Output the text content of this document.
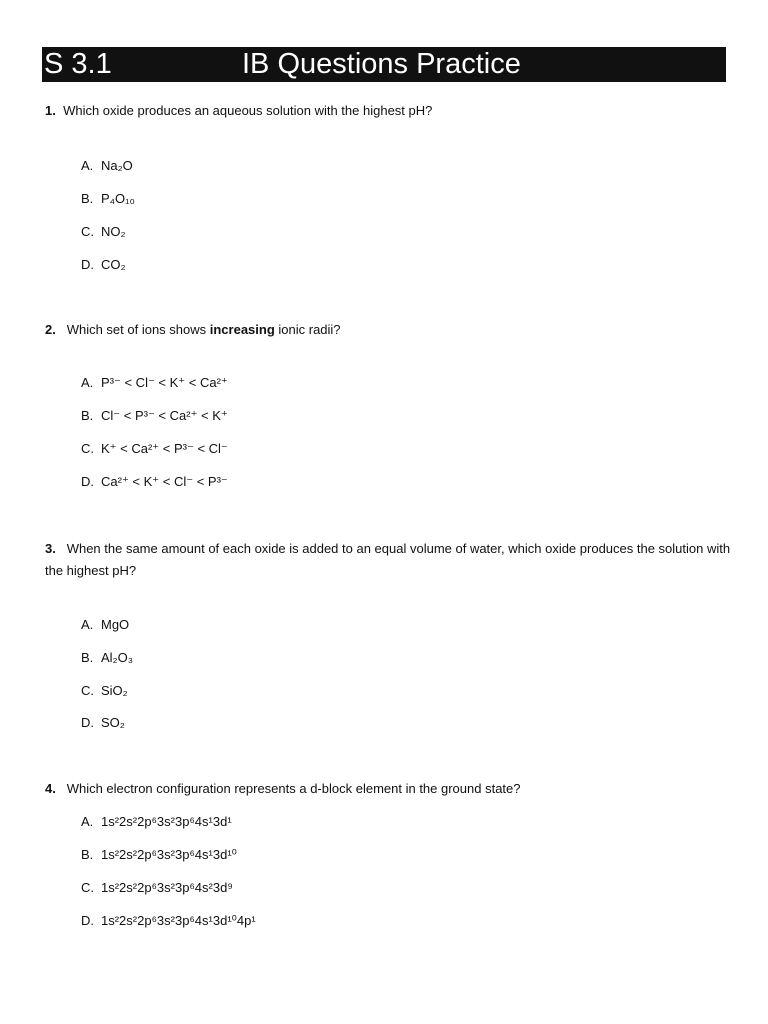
S 3.1	IB Questions Practice
1. Which oxide produces an aqueous solution with the highest pH?
A. Na₂O
B. P₄O₁₀
C. NO₂
D. CO₂
2. Which set of ions shows increasing ionic radii?
A. P³⁻ < Cl⁻ < K⁺ < Ca²⁺
B. Cl⁻ < P³⁻ < Ca²⁺ < K⁺
C. K⁺ < Ca²⁺ < P³⁻ < Cl⁻
D. Ca²⁺ < K⁺ < Cl⁻ < P³⁻
3. When the same amount of each oxide is added to an equal volume of water, which oxide produces the solution with the highest pH?
A. MgO
B. Al₂O₃
C. SiO₂
D. SO₂
4. Which electron configuration represents a d-block element in the ground state?
A. 1s²2s²2p⁶3s²3p⁶4s¹3d¹
B. 1s²2s²2p⁶3s²3p⁶4s¹3d¹⁰
C. 1s²2s²2p⁶3s²3p⁶4s²3d⁹
D. 1s²2s²2p⁶3s²3p⁶4s¹3d¹⁰4p¹
